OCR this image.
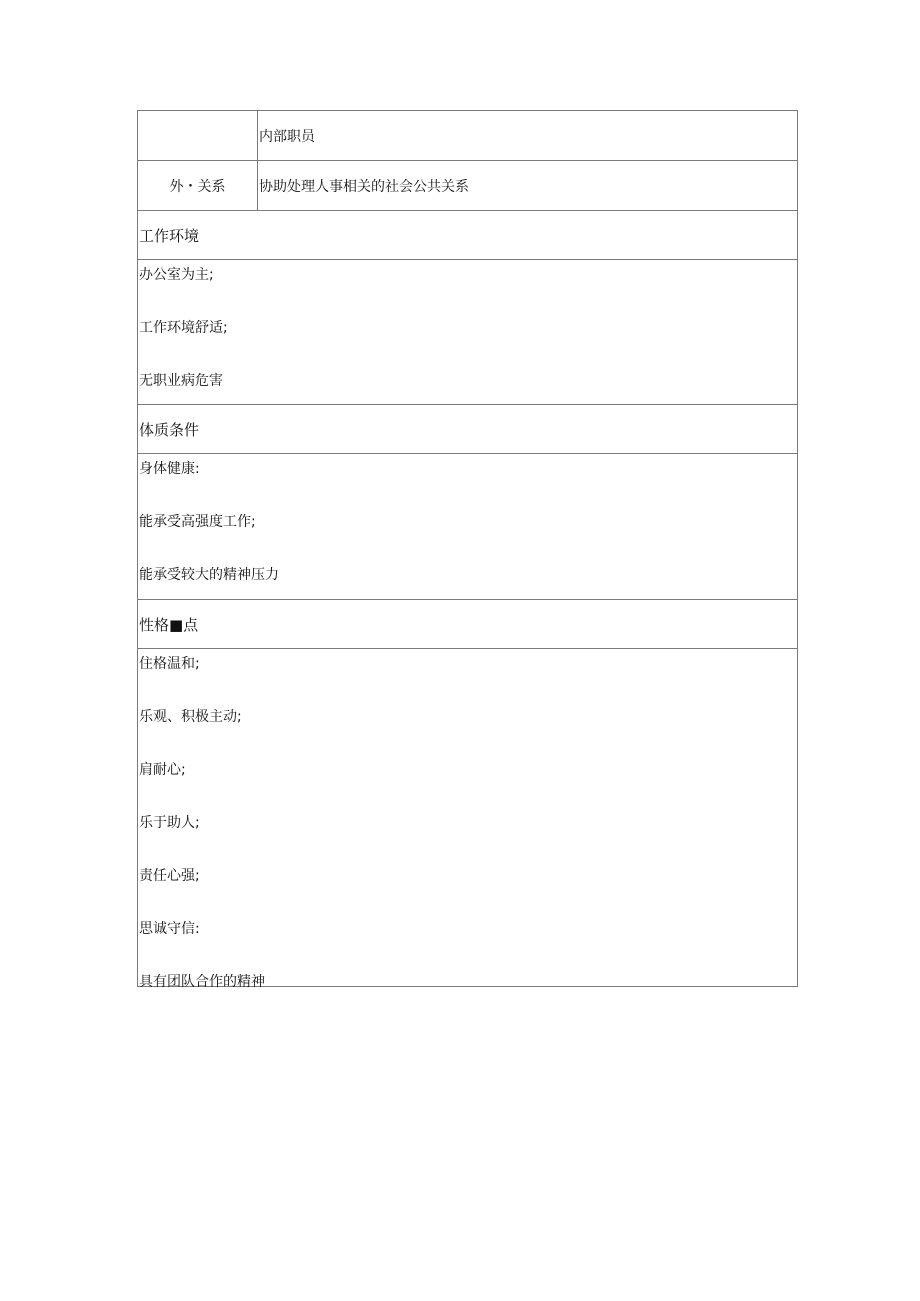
内部职员
外・关系	协助处理人事相关的社会公共关系
工作环境
办公室为主;
工作环境舒适;
无职业病危害
体质条件
身体健康:
能承受高强度工作;
能承受较大的精神压力
性格■点
住格温和;
乐观、积极主动;
肩耐心;
乐于助人;
责任心强;
思诚守信:
具有团队合作的精神
